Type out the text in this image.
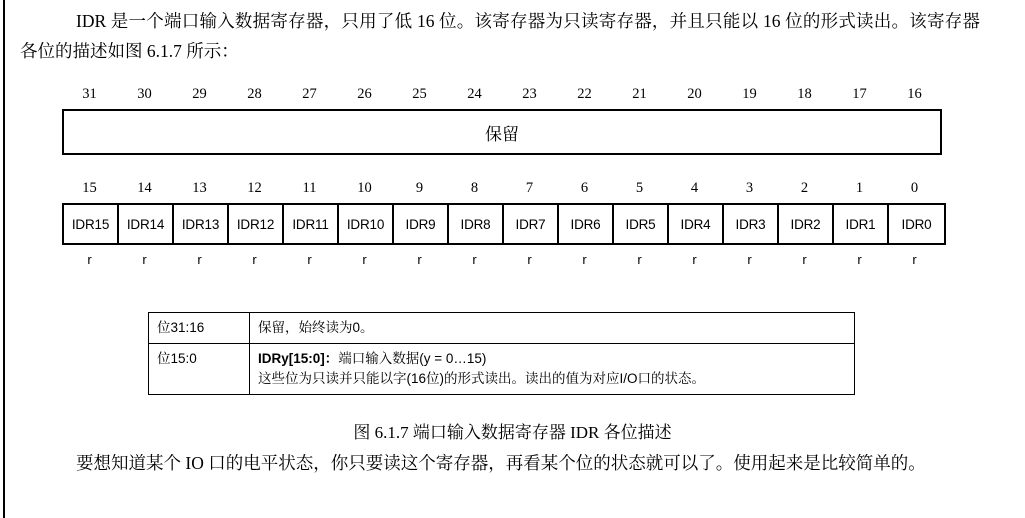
IDR 是一个端口输入数据寄存器，只用了低 16 位。该寄存器为只读寄存器，并且只能以 16 位的形式读出。该寄存器各位的描述如图 6.1.7 所示：
31	30	29	28	27	26	25	24	23	22	21	20	19	18	17	16
保留
15	14	13	12	11	10	9	8	7	6	5	4	3	2	1	0
IDR15	IDR14	IDR13	IDR12	IDR11	IDR10	IDR9	IDR8	IDR7	IDR6	IDR5	IDR4	IDR3	IDR2	IDR1	IDR0
r	r	r	r	r	r	r	r	r	r	r	r	r	r	r	r
位31:16	保留，始终读为0。

位15:0	IDRy[15:0]：端口输入数据(y = 0…15)
这些位为只读并只能以字(16位)的形式读出。读出的值为对应I/O口的状态。
图 6.1.7 端口输入数据寄存器 IDR 各位描述
要想知道某个 IO 口的电平状态，你只要读这个寄存器，再看某个位的状态就可以了。使用起来是比较简单的。
